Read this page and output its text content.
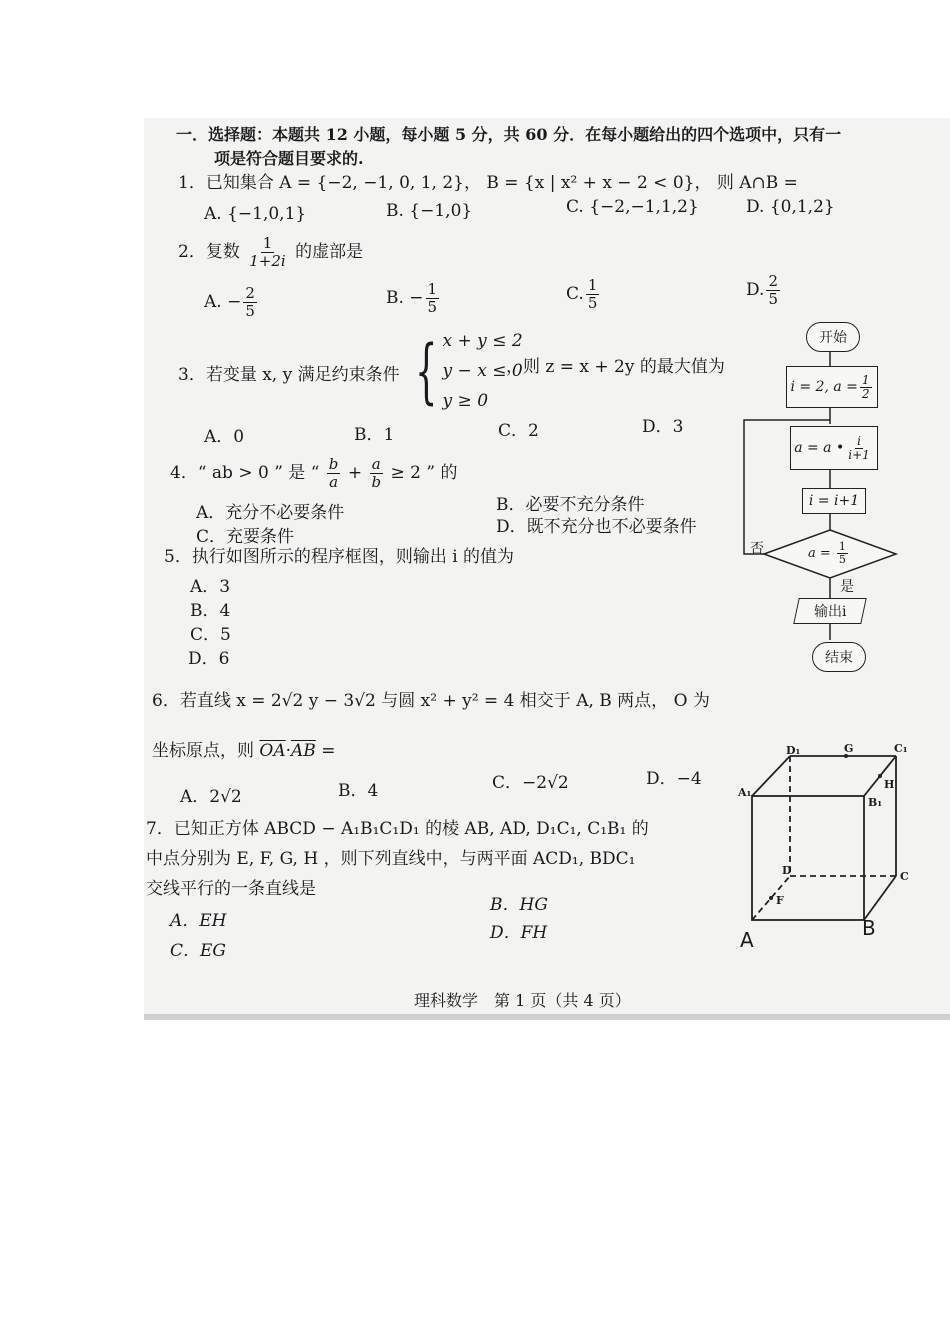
一．选择题：本题共 12 小题，每小题 5 分，共 60 分．在每小题给出的四个选项中，只有一
项是符合题目要求的.
1．已知集合 A = {−2, −1, 0, 1, 2}， B = {x | x² + x − 2 < 0}， 则 A∩B =
A. {−1,0,1}	B. {−1,0}	C. {−2,−1,1,2}	D. {0,1,2}
2．复数 $\frac{1}{1+2i}$ 的虚部是
A. − $\frac{2}{5}$	B. − $\frac{1}{5}$	C. $\frac{1}{5}$	D. $\frac{2}{5}$
3．若变量 x, y 满足约束条件 { x + y ≤ 2
y − x ≤ 0
y ≥ 0
，则 z = x + 2y 的最大值为
A．0	B．1	C．2	D．3
4．“ ab > 0 ” 是 “ $\frac{b}{a} + \frac{a}{b} \ge 2$ ” 的
A．充分不必要条件	B．必要不充分条件
C．充要条件	D．既不充分也不必要条件
5．执行如图所示的程序框图，则输出 i 的值为
A．3
B．4
C．5
D．6
开始
i = 2, $a = \frac{1}{2}$
a = a • $\frac{i}{i+1}$
i = i+1
$a = \frac{1}{5}$
否
是
输出i
结束
6．若直线 x = 2√2 y − 3√2 与圆 x² + y² = 4 相交于 A, B 两点， O 为
坐标原点，则 $\overline{OA}\cdot\overline{AB}$ =
A．2√2	B．4	C．−2√2	D．−4
7．已知正方体 ABCD − A₁B₁C₁D₁ 的棱 AB, AD, D₁C₁, C₁B₁ 的
中点分别为 E, F, G, H ，则下列直线中，与两平面 ACD₁, BDC₁
交线平行的一条直线是
A．EH
B．HG
C．EG
D．FH
D₁	G	C₁
H
A₁
B₁
D	C
F
A	B
理科数学　第 1 页（共 4 页）
